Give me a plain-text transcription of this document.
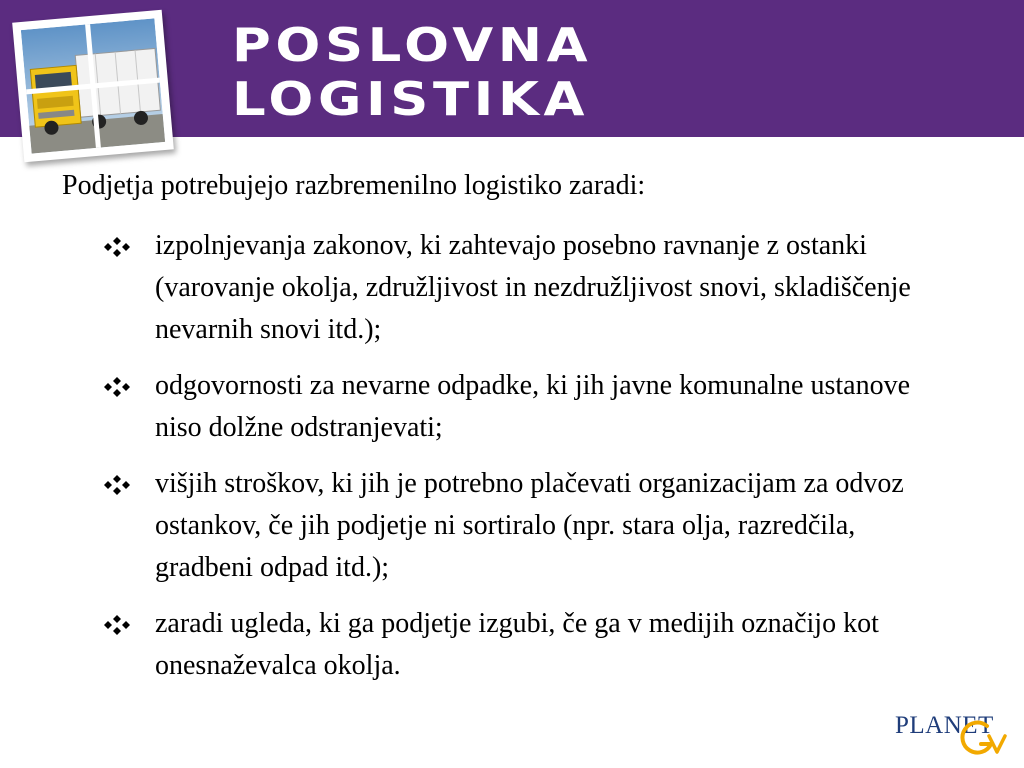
POSLOVNA
LOGISTIKA
Podjetja potrebujejo razbremenilno logistiko zaradi:
izpolnjevanja zakonov, ki zahtevajo posebno ravnanje z ostanki (varovanje okolja, združljivost in nezdružljivost snovi, skladiščenje nevarnih snovi itd.);
odgovornosti za nevarne odpadke, ki jih javne komunalne ustanove niso dolžne odstranjevati;
višjih stroškov, ki jih je potrebno plačevati organizacijam za odvoz ostankov, če jih podjetje ni sortiralo (npr. stara olja, razredčila, gradbeni odpad itd.);
zaradi ugleda, ki ga podjetje izgubi, če ga v medijih označijo kot onesnaževalca okolja.
PLANET
